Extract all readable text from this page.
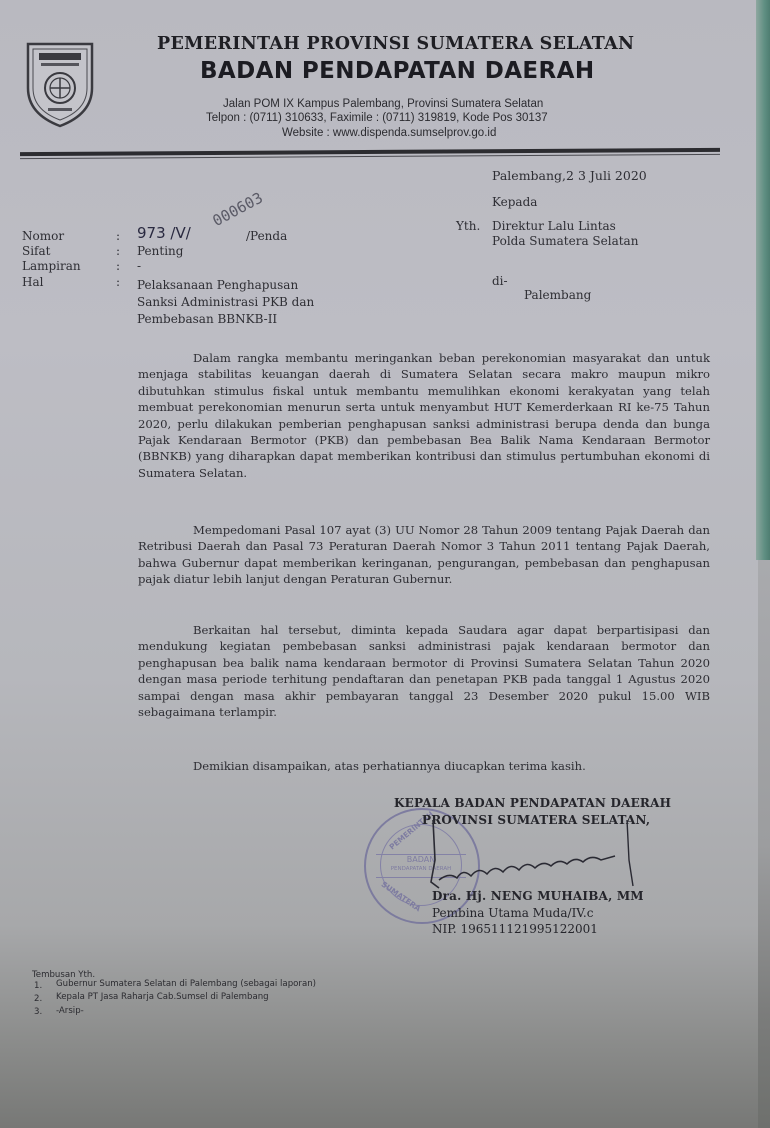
PEMERINTAH PROVINSI SUMATERA SELATAN
BADAN PENDAPATAN DAERAH
Jalan POM IX Kampus Palembang, Provinsi Sumatera Selatan
Telpon : (0711) 310633, Faximile : (0711) 319819, Kode Pos 30137
Website : www.dispenda.sumselprov.go.id
Palembang,2 3 Juli 2020
Kepada
Yth. Direktur Lalu Lintas
Polda Sumatera Selatan
di-
Palembang
Nomor	: 973 /V/
000603
/Penda
Sifat	: Penting
Lampiran	: -
Hal	: Pelaksanaan Penghapusan
Sanksi Administrasi PKB dan
Pembebasan BBNKB-II
Dalam rangka membantu meringankan beban perekonomian masyarakat dan untuk menjaga stabilitas keuangan daerah di Sumatera Selatan secara makro maupun mikro dibutuhkan stimulus fiskal untuk membantu memulihkan ekonomi kerakyatan yang telah membuat perekonomian menurun serta untuk menyambut HUT Kemerderkaan RI ke-75 Tahun 2020, perlu dilakukan pemberian penghapusan sanksi administrasi berupa denda dan bunga Pajak Kendaraan Bermotor (PKB) dan pembebasan Bea Balik Nama Kendaraan Bermotor (BBNKB) yang diharapkan dapat memberikan kontribusi dan stimulus pertumbuhan ekonomi di Sumatera Selatan.
Mempedomani Pasal 107 ayat (3) UU Nomor 28 Tahun 2009 tentang Pajak Daerah dan Retribusi Daerah dan Pasal 73 Peraturan Daerah Nomor 3 Tahun 2011 tentang Pajak Daerah, bahwa Gubernur dapat memberikan keringanan, pengurangan, pembebasan dan penghapusan pajak diatur lebih lanjut dengan Peraturan Gubernur.
Berkaitan hal tersebut, diminta kepada Saudara agar dapat berpartisipasi dan mendukung kegiatan pembebasan sanksi administrasi pajak kendaraan bermotor dan penghapusan bea balik nama kendaraan bermotor di Provinsi Sumatera Selatan Tahun 2020 dengan masa periode terhitung pendaftaran dan penetapan PKB pada tanggal 1 Agustus 2020 sampai dengan masa akhir pembayaran tanggal 23 Desember 2020 pukul 15.00 WIB sebagaimana terlampir.
Demikian disampaikan, atas perhatiannya diucapkan terima kasih.
PEMERINTAH
BADAN
PENDAPATAN DAERAH
SUMATERA
KEPALA BADAN PENDAPATAN DAERAH
PROVINSI SUMATERA SELATAN,
Dra. Hj. NENG MUHAIBA, MM
Pembina Utama Muda/IV.c
NIP. 196511121995122001
Tembusan Yth.
1. Gubernur Sumatera Selatan di Palembang (sebagai laporan)
2. Kepala PT Jasa Raharja Cab.Sumsel di Palembang
3. -Arsip-
